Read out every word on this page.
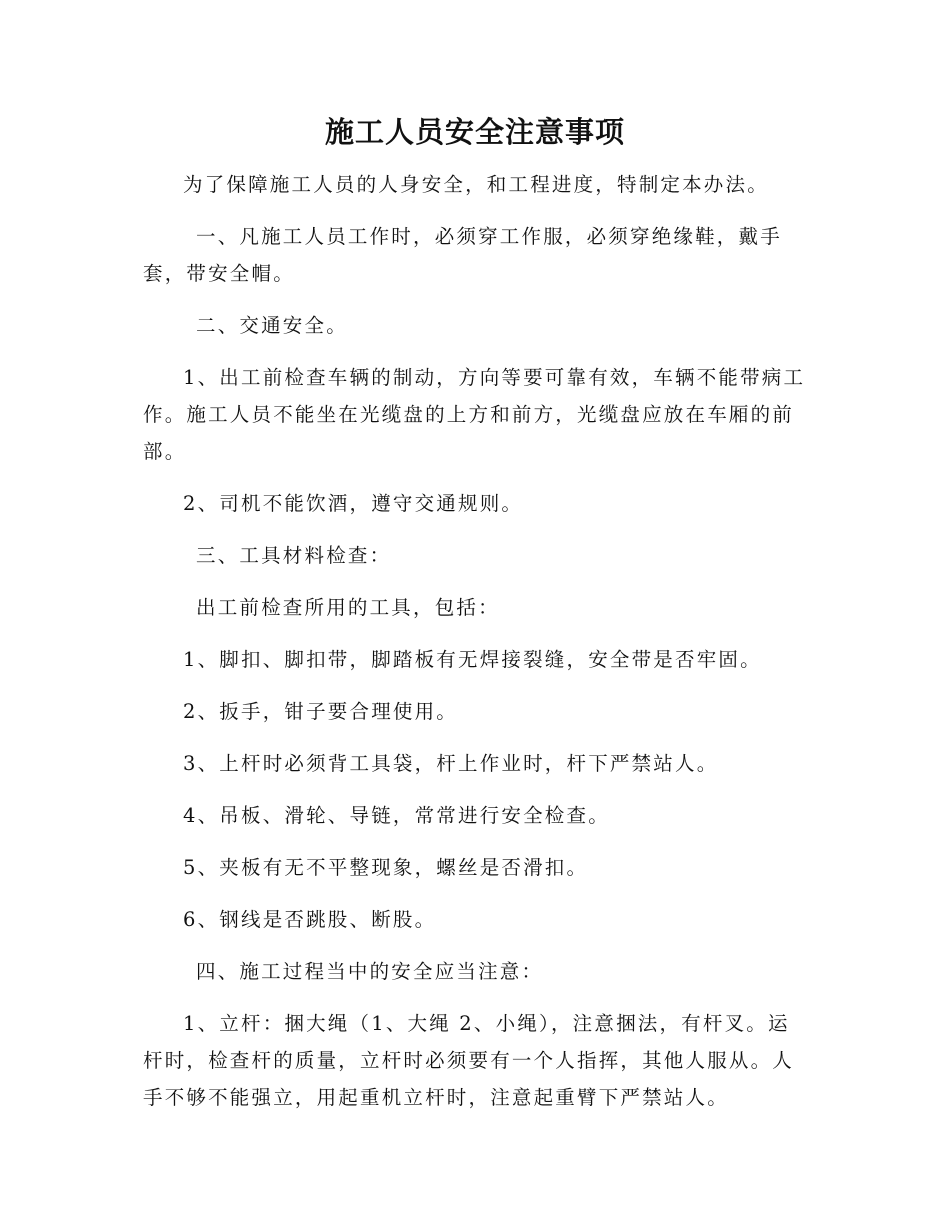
施工人员安全注意事项

为了保障施工人员的人身安全，和工程进度，特制定本办法。

一、凡施工人员工作时，必须穿工作服，必须穿绝缘鞋，戴手套，带安全帽。

二、交通安全。

1、出工前检查车辆的制动，方向等要可靠有效，车辆不能带病工作。施工人员不能坐在光缆盘的上方和前方，光缆盘应放在车厢的前部。

2、司机不能饮酒，遵守交通规则。

三、工具材料检查：

出工前检查所用的工具，包括：

1、脚扣、脚扣带，脚踏板有无焊接裂缝，安全带是否牢固。

2、扳手，钳子要合理使用。

3、上杆时必须背工具袋，杆上作业时，杆下严禁站人。

4、吊板、滑轮、导链，常常进行安全检查。

5、夹板有无不平整现象，螺丝是否滑扣。

6、钢线是否跳股、断股。

四、施工过程当中的安全应当注意：

1、立杆：捆大绳（1、大绳 2、小绳），注意捆法，有杆叉。运杆时，检查杆的质量，立杆时必须要有一个人指挥，其他人服从。人手不够不能强立，用起重机立杆时，注意起重臂下严禁站人。
